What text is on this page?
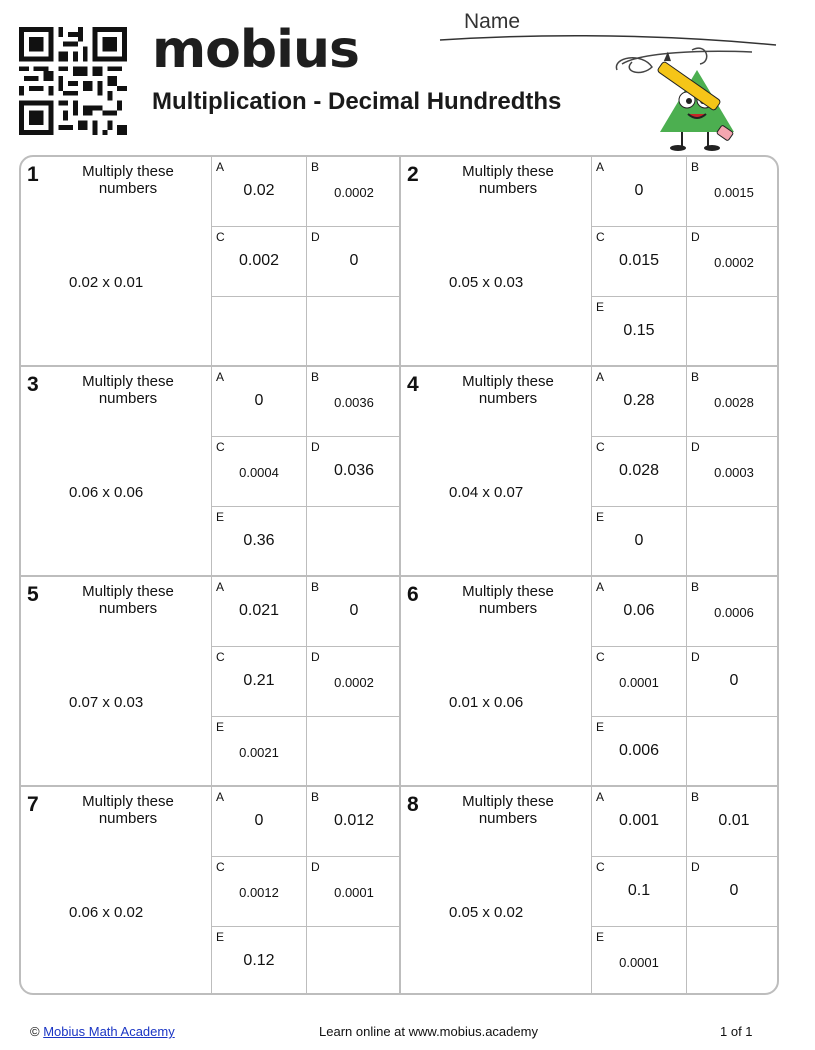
mobius
Multiplication - Decimal Hundredths
Name
1	Multiply these numbers
0.02 x 0.01
A
0.02
B
0.0002
C
0.002
D
0
2	Multiply these numbers
0.05 x 0.03
A
0
B
0.0015
C
0.015
D
0.0002
E
0.15
3	Multiply these numbers
0.06 x 0.06
A
0
B
0.0036
C
0.0004
D
0.036
E
0.36
4	Multiply these numbers
0.04 x 0.07
A
0.28
B
0.0028
C
0.028
D
0.0003
E
0
5	Multiply these numbers
0.07 x 0.03
A
0.021
B
0
C
0.21
D
0.0002
E
0.0021
6	Multiply these numbers
0.01 x 0.06
A
0.06
B
0.0006
C
0.0001
D
0
E
0.006
7	Multiply these numbers
0.06 x 0.02
A
0
B
0.012
C
0.0012
D
0.0001
E
0.12
8	Multiply these numbers
0.05 x 0.02
A
0.001
B
0.01
C
0.1
D
0
E
0.0001
© Mobius Math Academy	Learn online at www.mobius.academy	1 of 1
